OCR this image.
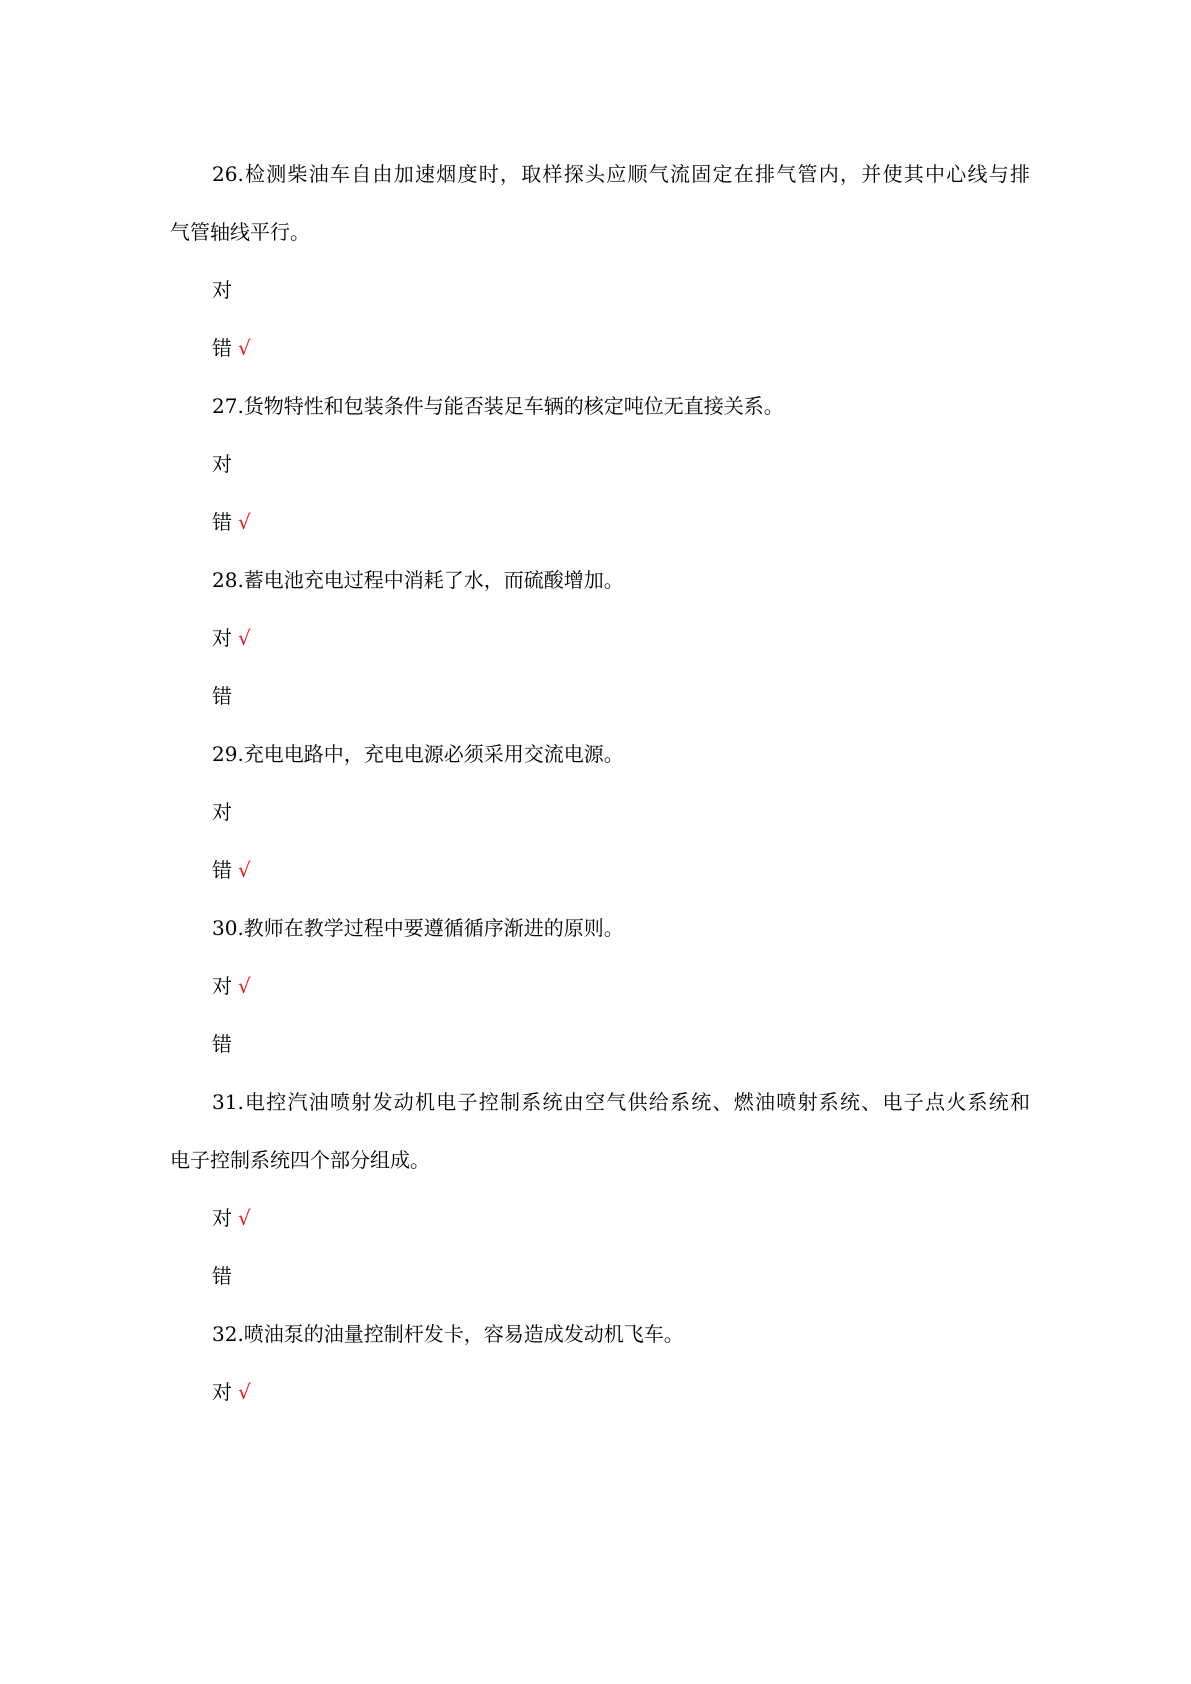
26.检测柴油车自由加速烟度时，取样探头应顺气流固定在排气管内，并使其中心线与排
气管轴线平行。
对
错 √
27.货物特性和包装条件与能否装足车辆的核定吨位无直接关系。
对
错 √
28.蓄电池充电过程中消耗了水，而硫酸增加。
对 √
错
29.充电电路中，充电电源必须采用交流电源。
对
错 √
30.教师在教学过程中要遵循循序渐进的原则。
对 √
错
31.电控汽油喷射发动机电子控制系统由空气供给系统、燃油喷射系统、电子点火系统和
电子控制系统四个部分组成。
对 √
错
32.喷油泵的油量控制杆发卡，容易造成发动机飞车。
对 √
